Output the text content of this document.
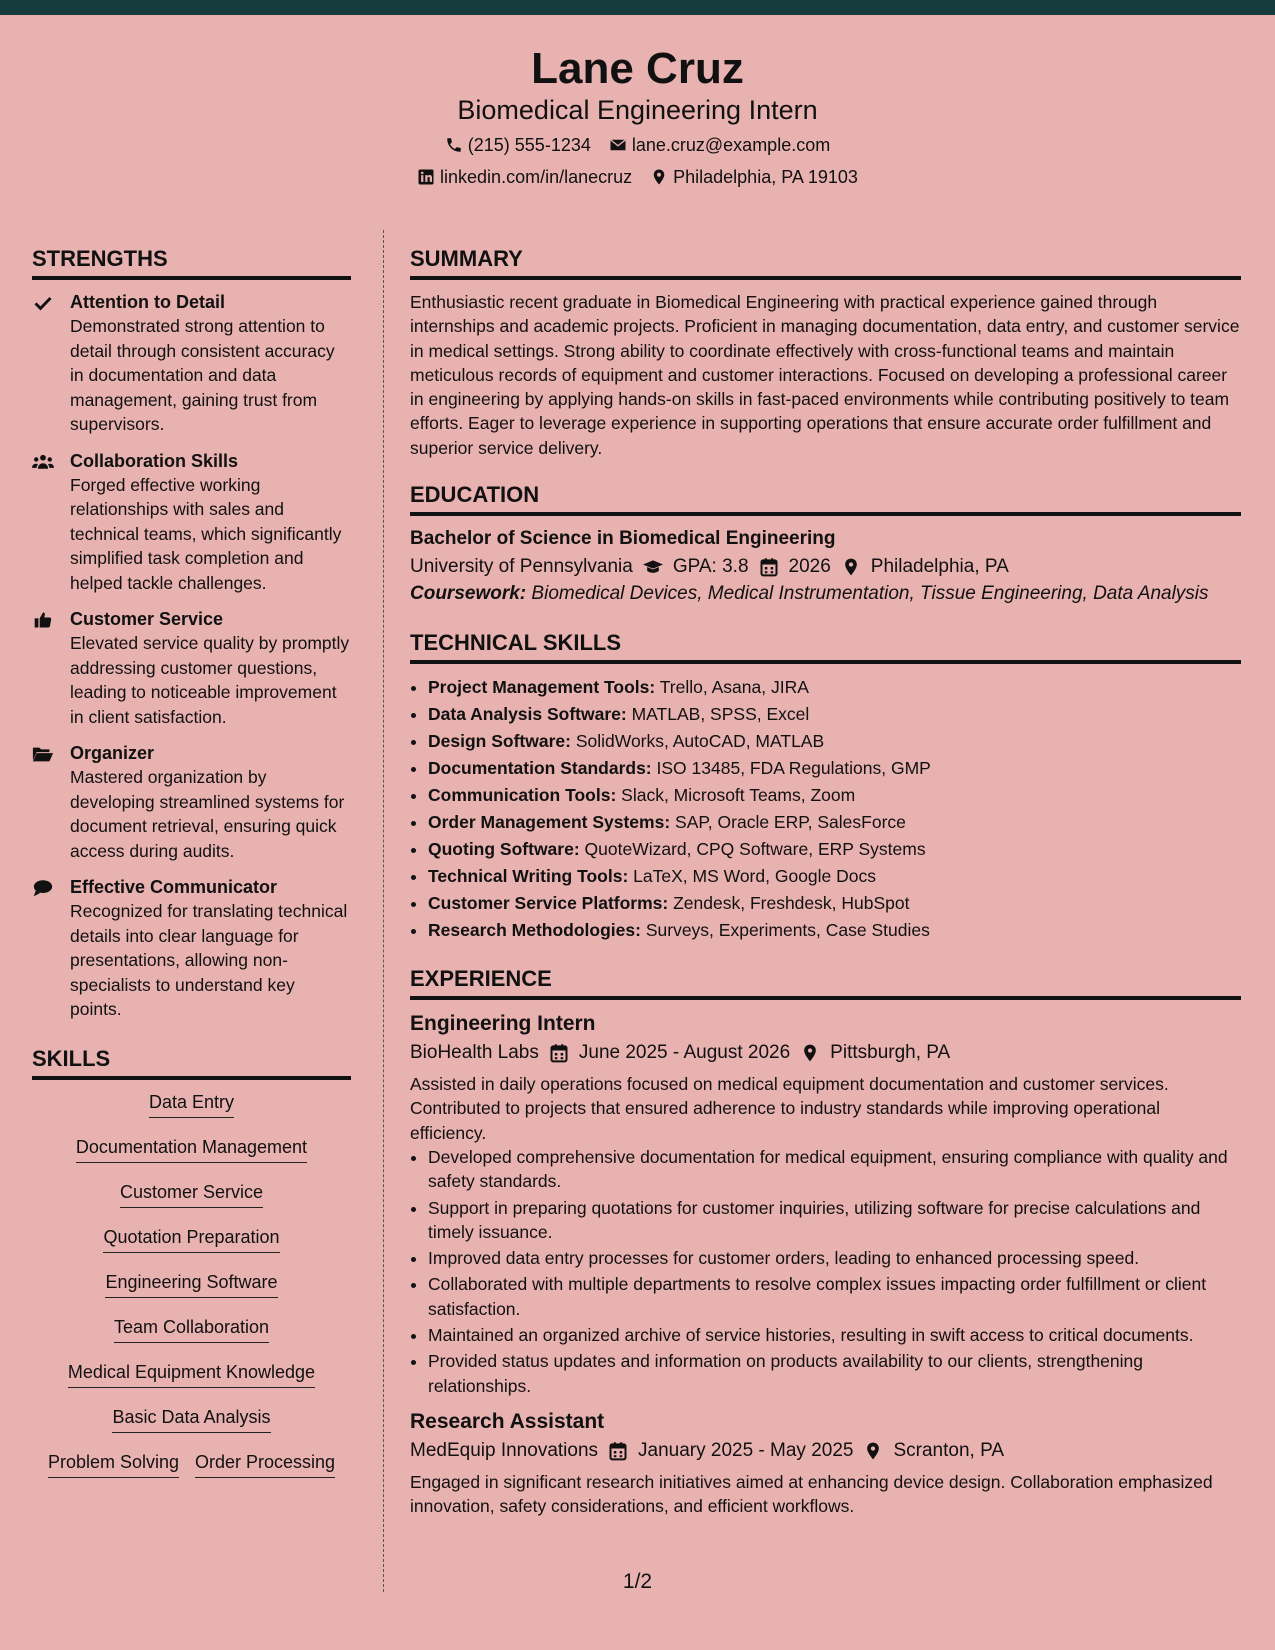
Lane Cruz
Biomedical Engineering Intern
(215) 555-1234 lane.cruz@example.com
linkedin.com/in/lanecruz Philadelphia, PA 19103
STRENGTHS
Attention to Detail
Demonstrated strong attention to detail through consistent accuracy in documentation and data management, gaining trust from supervisors.
Collaboration Skills
Forged effective working relationships with sales and technical teams, which significantly simplified task completion and helped tackle challenges.
Customer Service
Elevated service quality by promptly addressing customer questions, leading to noticeable improvement in client satisfaction.
Organizer
Mastered organization by developing streamlined systems for document retrieval, ensuring quick access during audits.
Effective Communicator
Recognized for translating technical details into clear language for presentations, allowing non-specialists to understand key points.
SKILLS
Data Entry
Documentation Management
Customer Service
Quotation Preparation
Engineering Software
Team Collaboration
Medical Equipment Knowledge
Basic Data Analysis
Problem Solving Order Processing
SUMMARY
Enthusiastic recent graduate in Biomedical Engineering with practical experience gained through internships and academic projects. Proficient in managing documentation, data entry, and customer service in medical settings. Strong ability to coordinate effectively with cross-functional teams and maintain meticulous records of equipment and customer interactions. Focused on developing a professional career in engineering by applying hands-on skills in fast-paced environments while contributing positively to team efforts. Eager to leverage experience in supporting operations that ensure accurate order fulfillment and superior service delivery.
EDUCATION
Bachelor of Science in Biomedical Engineering
University of Pennsylvania GPA: 3.8 2026 Philadelphia, PA
Coursework: Biomedical Devices, Medical Instrumentation, Tissue Engineering, Data Analysis
TECHNICAL SKILLS
• Project Management Tools: Trello, Asana, JIRA
• Data Analysis Software: MATLAB, SPSS, Excel
• Design Software: SolidWorks, AutoCAD, MATLAB
• Documentation Standards: ISO 13485, FDA Regulations, GMP
• Communication Tools: Slack, Microsoft Teams, Zoom
• Order Management Systems: SAP, Oracle ERP, SalesForce
• Quoting Software: QuoteWizard, CPQ Software, ERP Systems
• Technical Writing Tools: LaTeX, MS Word, Google Docs
• Customer Service Platforms: Zendesk, Freshdesk, HubSpot
• Research Methodologies: Surveys, Experiments, Case Studies
EXPERIENCE
Engineering Intern
BioHealth Labs June 2025 - August 2026 Pittsburgh, PA
Assisted in daily operations focused on medical equipment documentation and customer services. Contributed to projects that ensured adherence to industry standards while improving operational efficiency.
• Developed comprehensive documentation for medical equipment, ensuring compliance with quality and safety standards.
• Support in preparing quotations for customer inquiries, utilizing software for precise calculations and timely issuance.
• Improved data entry processes for customer orders, leading to enhanced processing speed.
• Collaborated with multiple departments to resolve complex issues impacting order fulfillment or client satisfaction.
• Maintained an organized archive of service histories, resulting in swift access to critical documents.
• Provided status updates and information on products availability to our clients, strengthening relationships.
Research Assistant
MedEquip Innovations January 2025 - May 2025 Scranton, PA
Engaged in significant research initiatives aimed at enhancing device design. Collaboration emphasized innovation, safety considerations, and efficient workflows.
1/2
